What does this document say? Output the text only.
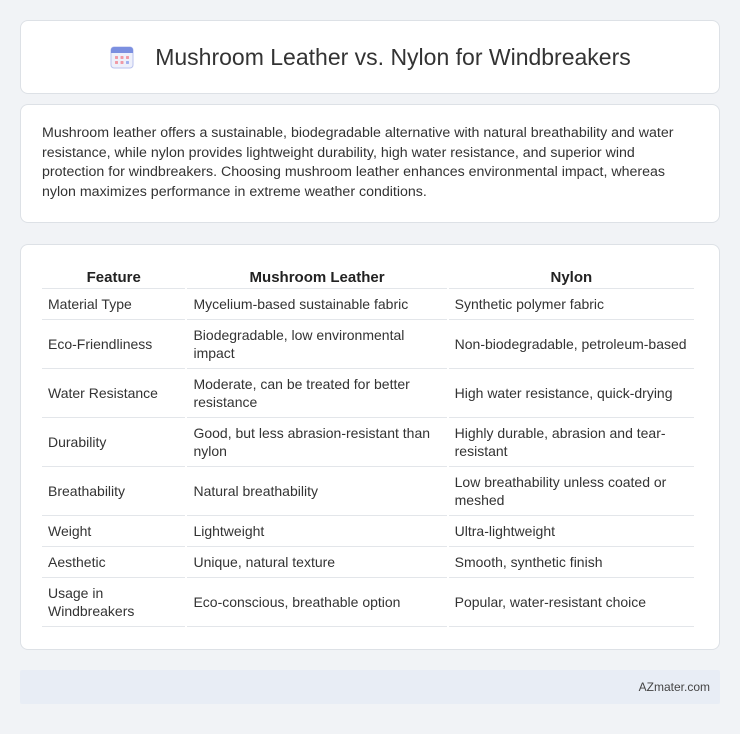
Mushroom Leather vs. Nylon for Windbreakers

Mushroom leather offers a sustainable, biodegradable alternative with natural breathability and water resistance, while nylon provides lightweight durability, high water resistance, and superior wind protection for windbreakers. Choosing mushroom leather enhances environmental impact, whereas nylon maximizes performance in extreme weather conditions.

Feature	Mushroom Leather	Nylon
Material Type	Mycelium-based sustainable fabric	Synthetic polymer fabric
Eco-Friendliness	Biodegradable, low environmental impact	Non-biodegradable, petroleum-based
Water Resistance	Moderate, can be treated for better resistance	High water resistance, quick-drying
Durability	Good, but less abrasion-resistant than nylon	Highly durable, abrasion and tear-resistant
Breathability	Natural breathability	Low breathability unless coated or meshed
Weight	Lightweight	Ultra-lightweight
Aesthetic	Unique, natural texture	Smooth, synthetic finish
Usage in Windbreakers	Eco-conscious, breathable option	Popular, water-resistant choice
AZmater.com
